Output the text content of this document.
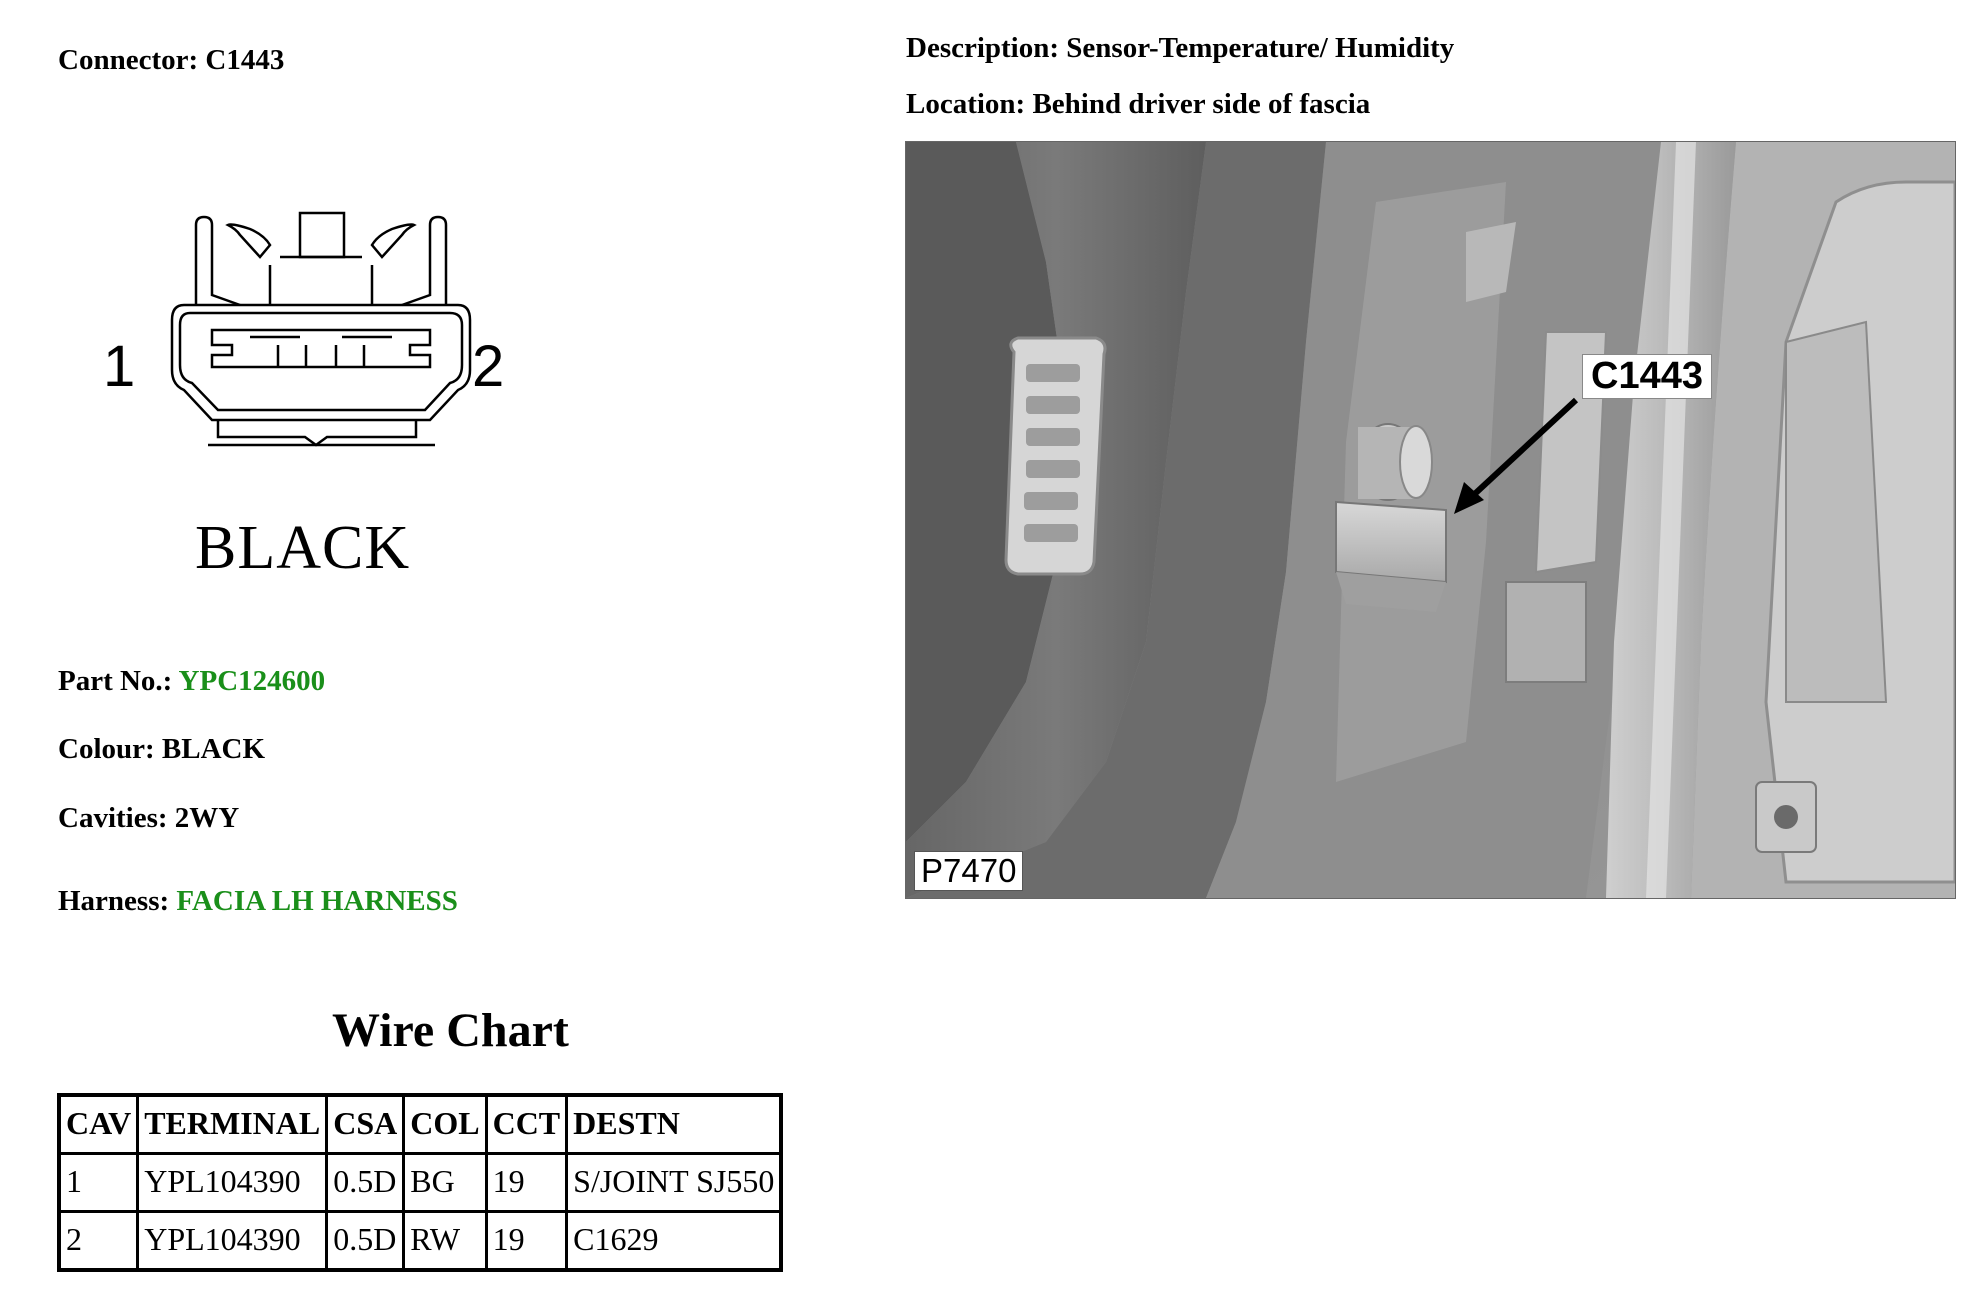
Connector: C1443
1	2
BLACK
Part No.: YPC124600
Colour: BLACK
Cavities: 2WY
Harness: FACIA LH HARNESS
Wire Chart
CAV	TERMINAL	CSA	COL	CCT	DESTN
1	YPL104390	0.5D	BG	19	S/JOINT SJ550
2	YPL104390	0.5D	RW	19	C1629
Description: Sensor-Temperature/ Humidity
Location: Behind driver side of fascia
C1443
P7470
